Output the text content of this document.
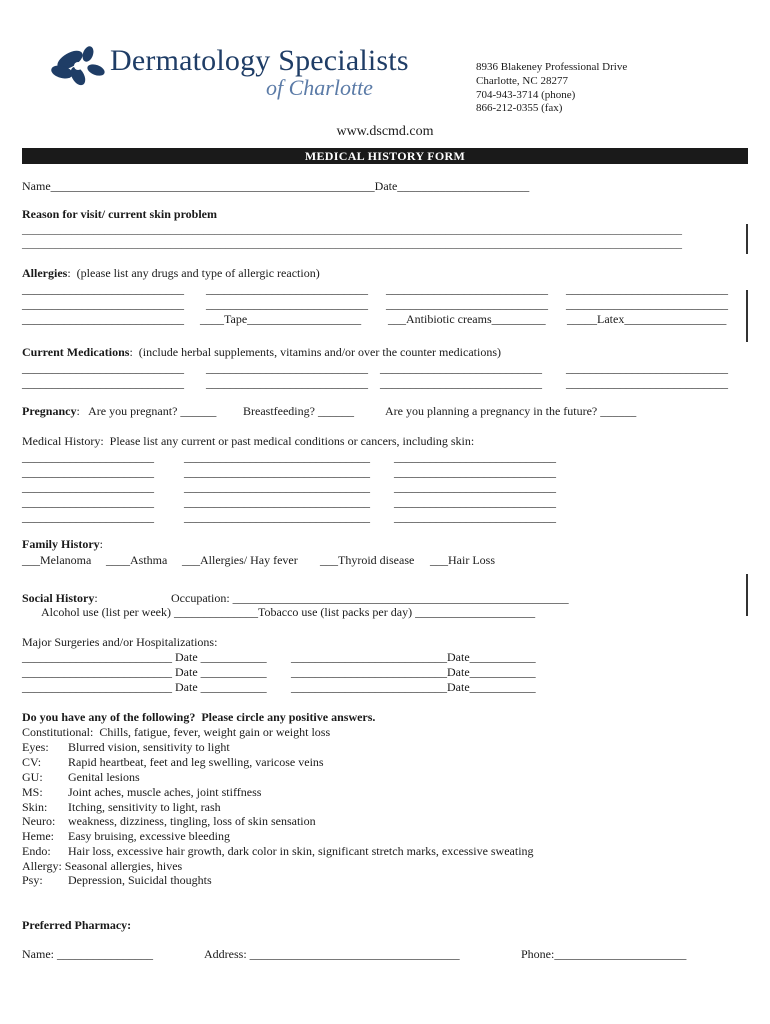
Dermatology Specialists
of Charlotte
8936 Blakeney Professional Drive
Charlotte, NC 28277
704-943-3714 (phone)
866-212-0355 (fax)
www.dscmd.com
MEDICAL HISTORY FORM
Name______________________________________________________Date______________________
Reason for visit/ current skin problem
________________________________________________________________________________________________________________________
________________________________________________________________________________________________________________________
Allergies:  (please list any drugs and type of allergic reaction)
___________________________ ___________________________ ___________________________ ___________________________
___________________________ ___________________________ ___________________________ ___________________________
___________________________ ____Tape___________________ ___Antibiotic creams_________ _____Latex_________________
Current Medications:  (include herbal supplements, vitamins and/or over the counter medications)
___________________________ ___________________________ ___________________________ ___________________________
___________________________ ___________________________ ___________________________ ___________________________
Pregnancy:   Are you pregnant? ______ Breastfeeding? ______	Are you planning a pregnancy in the future? ______
Medical History:  Please list any current or past medical conditions or cancers, including skin:
______________________	_______________________________ ___________________________
______________________	_______________________________ ___________________________
______________________	_______________________________ ___________________________
______________________	_______________________________ ___________________________
______________________	_______________________________ ___________________________
Family History:
___Melanoma ____Asthma ___Allergies/ Hay fever ___Thyroid disease ___Hair Loss
Social History:	Occupation: ________________________________________________________
Alcohol use (list per week) ______________Tobacco use (list packs per day) ____________________
Major Surgeries and/or Hospitalizations:
_________________________ Date ___________ __________________________Date___________
_________________________ Date ___________ __________________________Date___________
_________________________ Date ___________ __________________________Date___________
Do you have any of the following?  Please circle any positive answers.
Constitutional: Chills, fatigue, fever, weight gain or weight loss
Eyes: Blurred vision, sensitivity to light
CV: Rapid heartbeat, feet and leg swelling, varicose veins
GU: Genital lesions
MS: Joint aches, muscle aches, joint stiffness
Skin: Itching, sensitivity to light, rash
Neuro: weakness, dizziness, tingling, loss of skin sensation
Heme: Easy bruising, excessive bleeding
Endo: Hair loss, excessive hair growth, dark color in skin, significant stretch marks, excessive sweating
Allergy: Seasonal allergies, hives
Psy: Depression, Suicidal thoughts
Preferred Pharmacy:
Name: ________________	Address: ___________________________________	Phone:______________________
